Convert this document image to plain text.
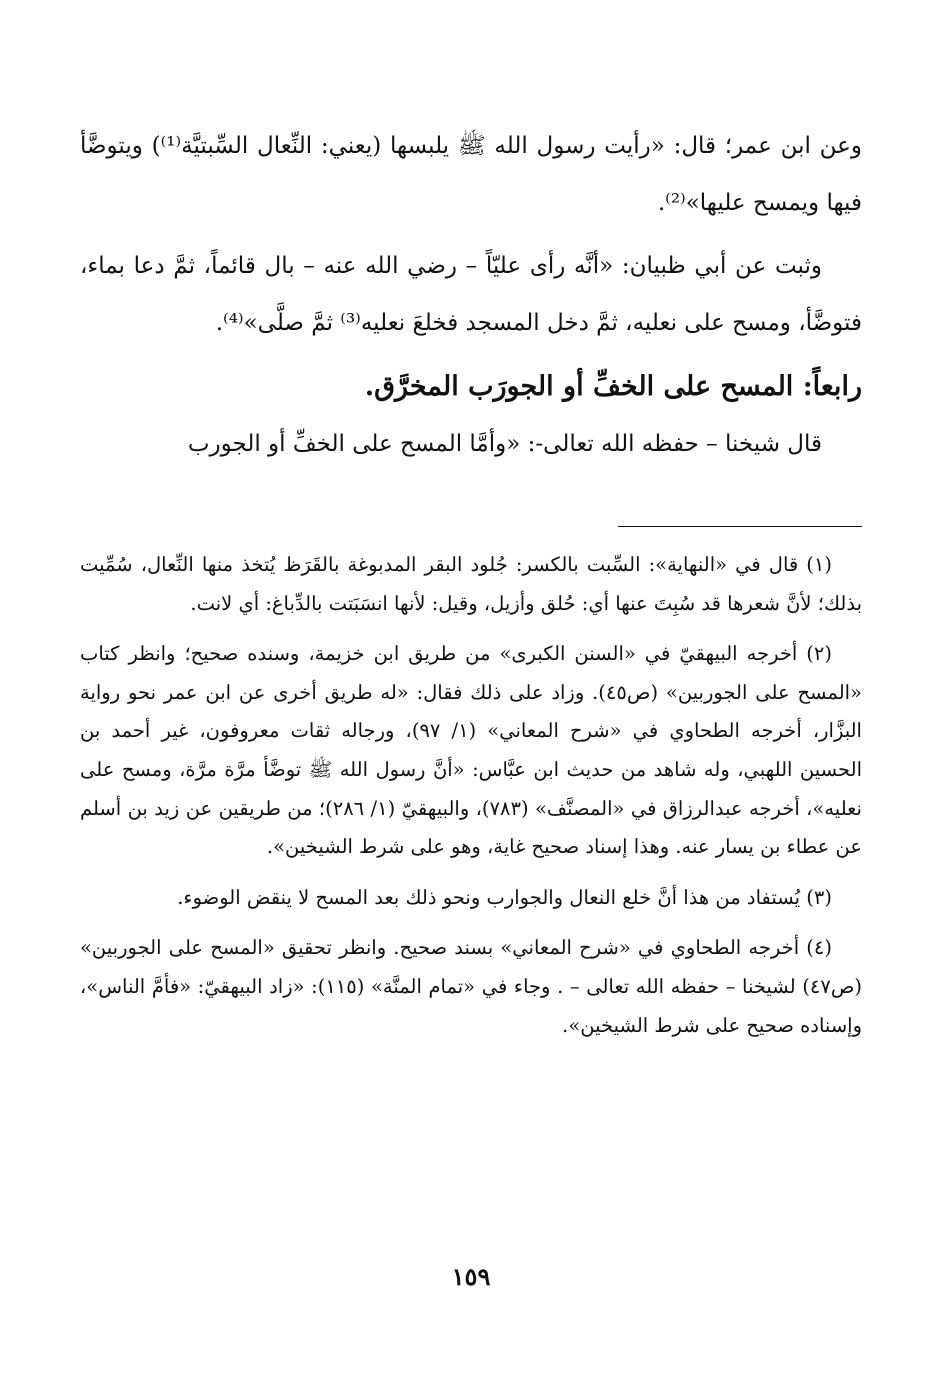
وعن ابن عمر؛ قال: «رأيت رسول الله ﷺ يلبسها (يعني: النِّعال السِّبتيَّة⁽¹⁾) ويتوضَّأ فيها ويمسح عليها»⁽²⁾.

وثبت عن أبي ظبيان: «أنَّه رأى عليّاً – رضي الله عنه – بال قائماً، ثمَّ دعا بماء، فتوضَّأ، ومسح على نعليه، ثمَّ دخل المسجد فخلعَ نعليه⁽³⁾ ثمَّ صلَّى»⁽⁴⁾.

رابعاً: المسح على الخفِّ أو الجورَب المخرَّق.

قال شيخنا – حفظه الله تعالى-: «وأمَّا المسح على الخفِّ أو الجورب

(١) قال في «النهاية»: السِّبت بالكسر: جُلود البقر المدبوغة بالقَرَظ يُتخذ منها النِّعال، سُمِّيت بذلك؛ لأنَّ شعرها قد سُبِتَ عنها أي: حُلق وأزيل، وقيل: لأنها انسَبَتت بالدِّباغ: أي لانت.

(٢) أخرجه البيهقيّ في «السنن الكبرى» من طريق ابن خزيمة، وسنده صحيح؛ وانظر كتاب «المسح على الجوربين» (ص٤٥). وزاد على ذلك فقال: «له طريق أخرى عن ابن عمر نحو رواية البزَّار، أخرجه الطحاوي في «شرح المعاني» (١/ ٩٧)، ورجاله ثقات معروفون، غير أحمد بن الحسين اللهبي، وله شاهد من حديث ابن عبَّاس: «أنَّ رسول الله ﷺ توضَّأ مرَّة مرَّة، ومسح على نعليه»، أخرجه عبدالرزاق في «المصنَّف» (٧٨٣)، والبيهقيّ (١/ ٢٨٦)؛ من طريقين عن زيد بن أسلم عن عطاء بن يسار عنه. وهذا إسناد صحيح غاية، وهو على شرط الشيخين».

(٣) يُستفاد من هذا أنَّ خلع النعال والجوارب ونحو ذلك بعد المسح لا ينقض الوضوء.

(٤) أخرجه الطحاوي في «شرح المعاني» بسند صحيح. وانظر تحقيق «المسح على الجوربين» (ص٤٧) لشيخنا – حفظه الله تعالى – . وجاء في «تمام المنَّة» (١١٥): «زاد البيهقيّ: «فأمَّ الناس»، وإسناده صحيح على شرط الشيخين».

١٥٩
